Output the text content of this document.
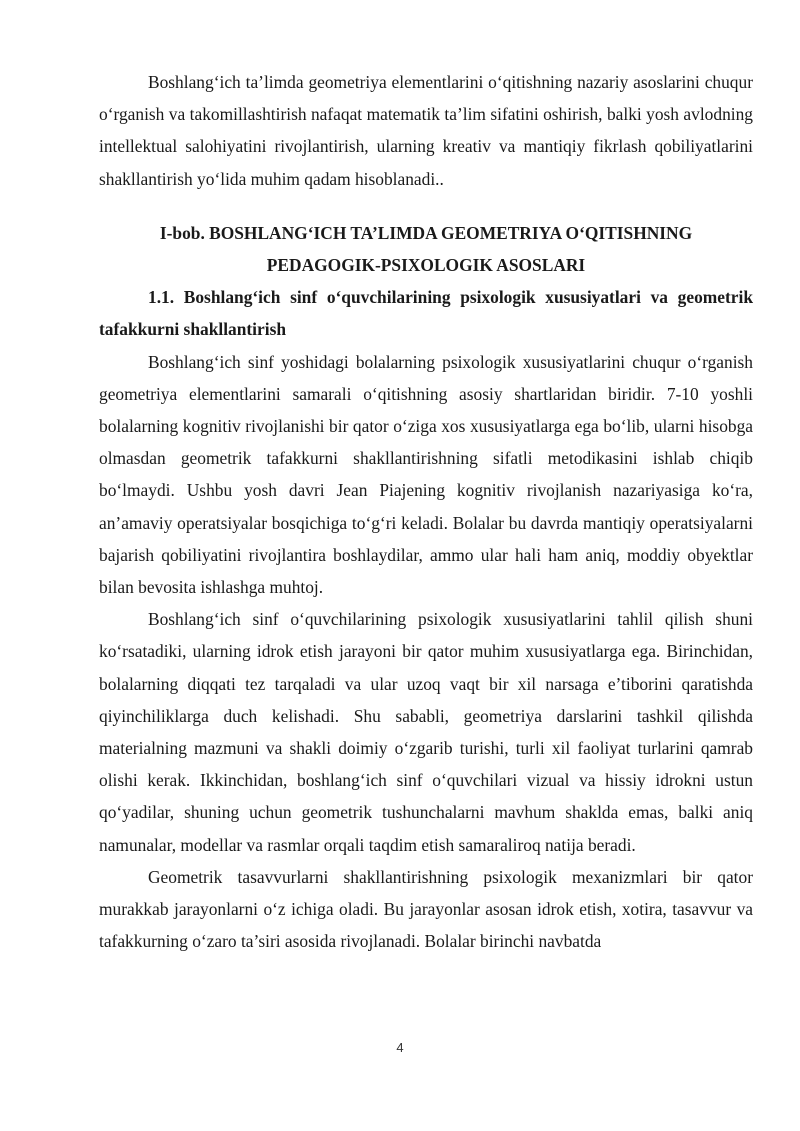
Boshlang‘ich ta’limda geometriya elementlarini o‘qitishning nazariy asoslarini chuqur o‘rganish va takomillashtirish nafaqat matematik ta’lim sifatini oshirish, balki yosh avlodning intellektual salohiyatini rivojlantirish, ularning kreativ va mantiqiy fikrlash qobiliyatlarini shakllantirish yo‘lida muhim qadam hisoblanadi..

I-bob. BOSHLANG‘ICH TA’LIMDA GEOMETRIYA O‘QITISHNING
PEDAGOGIK-PSIXOLOGIK ASOSLARI
1.1. Boshlang‘ich sinf o‘quvchilarining psixologik xususiyatlari va geometrik tafakkurni shakllantirish

Boshlang‘ich sinf yoshidagi bolalarning psixologik xususiyatlarini chuqur o‘rganish geometriya elementlarini samarali o‘qitishning asosiy shartlaridan biridir. 7-10 yoshli bolalarning kognitiv rivojlanishi bir qator o‘ziga xos xususiyatlarga ega bo‘lib, ularni hisobga olmasdan geometrik tafakkurni shakllantirishning sifatli metodikasini ishlab chiqib bo‘lmaydi. Ushbu yosh davri Jean Piajening kognitiv rivojlanish nazariyasiga ko‘ra, an’amaviy operatsiyalar bosqichiga to‘g‘ri keladi. Bolalar bu davrda mantiqiy operatsiyalarni bajarish qobiliyatini rivojlantira boshlaydilar, ammo ular hali ham aniq, moddiy obyektlar bilan bevosita ishlashga muhtoj.

Boshlang‘ich sinf o‘quvchilarining psixologik xususiyatlarini tahlil qilish shuni ko‘rsatadiki, ularning idrok etish jarayoni bir qator muhim xususiyatlarga ega. Birinchidan, bolalarning diqqati tez tarqaladi va ular uzoq vaqt bir xil narsaga e’tiborini qaratishda qiyinchiliklarga duch kelishadi. Shu sababli, geometriya darslarini tashkil qilishda materialning mazmuni va shakli doimiy o‘zgarib turishi, turli xil faoliyat turlarini qamrab olishi kerak. Ikkinchidan, boshlang‘ich sinf o‘quvchilari vizual va hissiy idrokni ustun qo‘yadilar, shuning uchun geometrik tushunchalarni mavhum shaklda emas, balki aniq namunalar, modellar va rasmlar orqali taqdim etish samaraliroq natija beradi.

Geometrik tasavvurlarni shakllantirishning psixologik mexanizmlari bir qator murakkab jarayonlarni o‘z ichiga oladi. Bu jarayonlar asosan idrok etish, xotira, tasavvur va tafakkurning o‘zaro ta’siri asosida rivojlanadi. Bolalar birinchi navbatda

4
